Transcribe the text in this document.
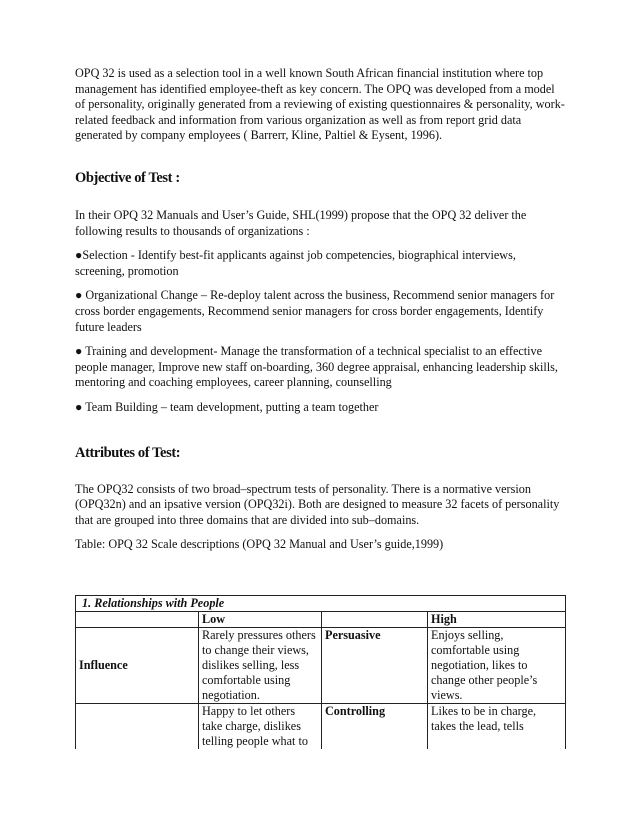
OPQ 32 is used as a selection tool in a well known South African financial institution where top management has identified employee-theft as key concern. The OPQ was developed from a model of personality, originally generated from a reviewing of existing questionnaires & personality, work-related feedback and information from various organization as well as from report grid data generated by company employees ( Barrerr, Kline, Paltiel & Eysent, 1996).

Objective of Test :

In their OPQ 32 Manuals and User’s Guide, SHL(1999) propose that the OPQ 32 deliver the following results to thousands of organizations :

●Selection - Identify best-fit applicants against job competencies, biographical interviews, screening, promotion

● Organizational Change – Re-deploy talent across the business, Recommend senior managers for cross border engagements, Recommend senior managers for cross border engagements, Identify future leaders

● Training and development- Manage the transformation of a technical specialist to an effective people manager, Improve new staff on-boarding, 360 degree appraisal, enhancing leadership skills, mentoring and coaching employees, career planning, counselling

● Team Building – team development, putting a team together

Attributes of Test:

The OPQ32 consists of two broad–spectrum tests of personality. There is a normative version (OPQ32n) and an ipsative version (OPQ32i). Both are designed to measure 32 facets of personality that are grouped into three domains that are divided into sub–domains.

Table: OPQ 32 Scale descriptions (OPQ 32 Manual and User’s guide,1999)

1. Relationships with People			
	Low		High
Influence	Rarely pressures others to change their views, dislikes selling, less comfortable using negotiation.	Persuasive	Enjoys selling, comfortable using negotiation, likes to change other people’s views.
	Happy to let others take charge, dislikes telling people what to	Controlling	Likes to be in charge, takes the lead, tells
